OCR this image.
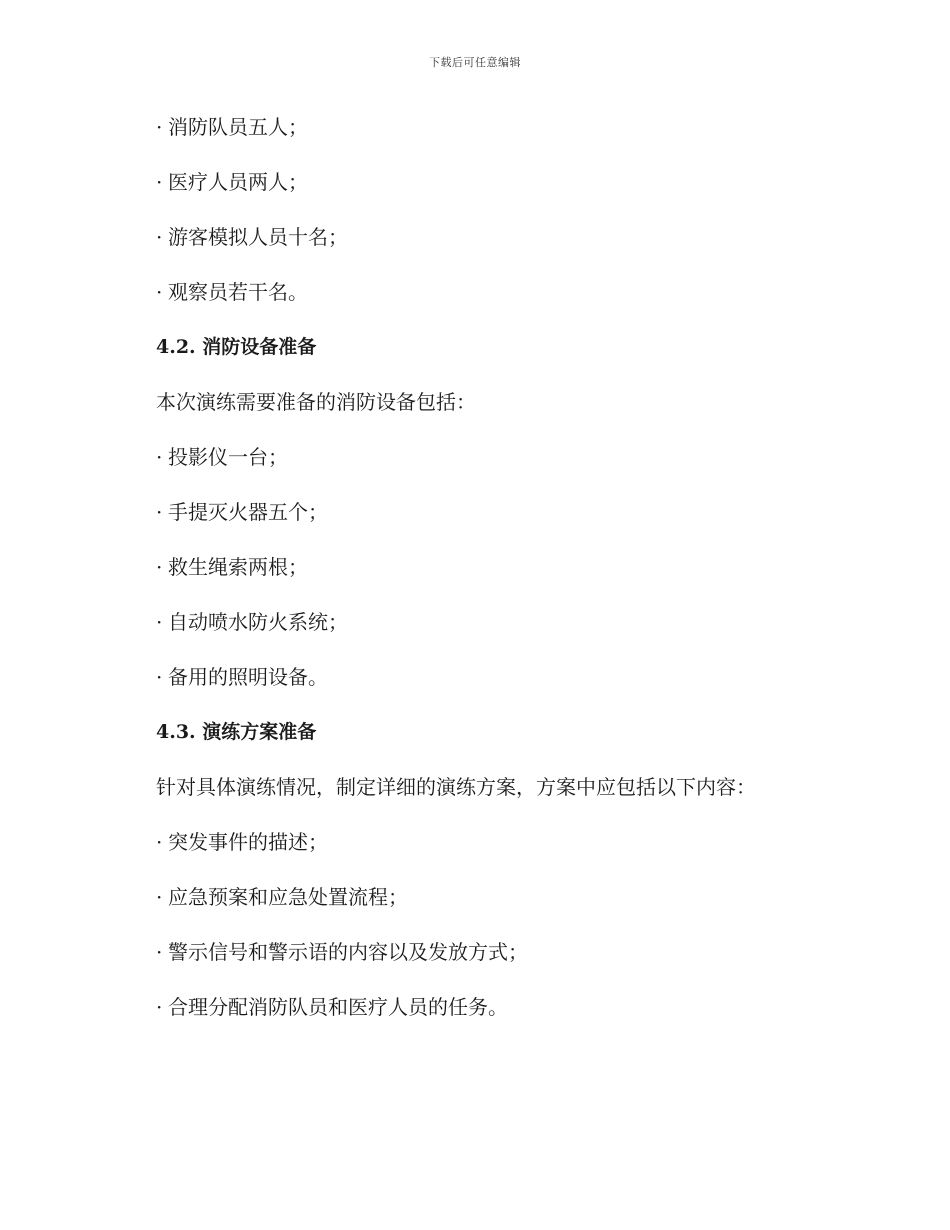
下载后可任意编辑
· 消防队员五人；
· 医疗人员两人；
· 游客模拟人员十名；
· 观察员若干名。
4.2. 消防设备准备
本次演练需要准备的消防设备包括：
· 投影仪一台；
· 手提灭火器五个；
· 救生绳索两根；
· 自动喷水防火系统；
· 备用的照明设备。
4.3. 演练方案准备
针对具体演练情况，制定详细的演练方案，方案中应包括以下内容：
· 突发事件的描述；
· 应急预案和应急处置流程；
· 警示信号和警示语的内容以及发放方式；
· 合理分配消防队员和医疗人员的任务。
